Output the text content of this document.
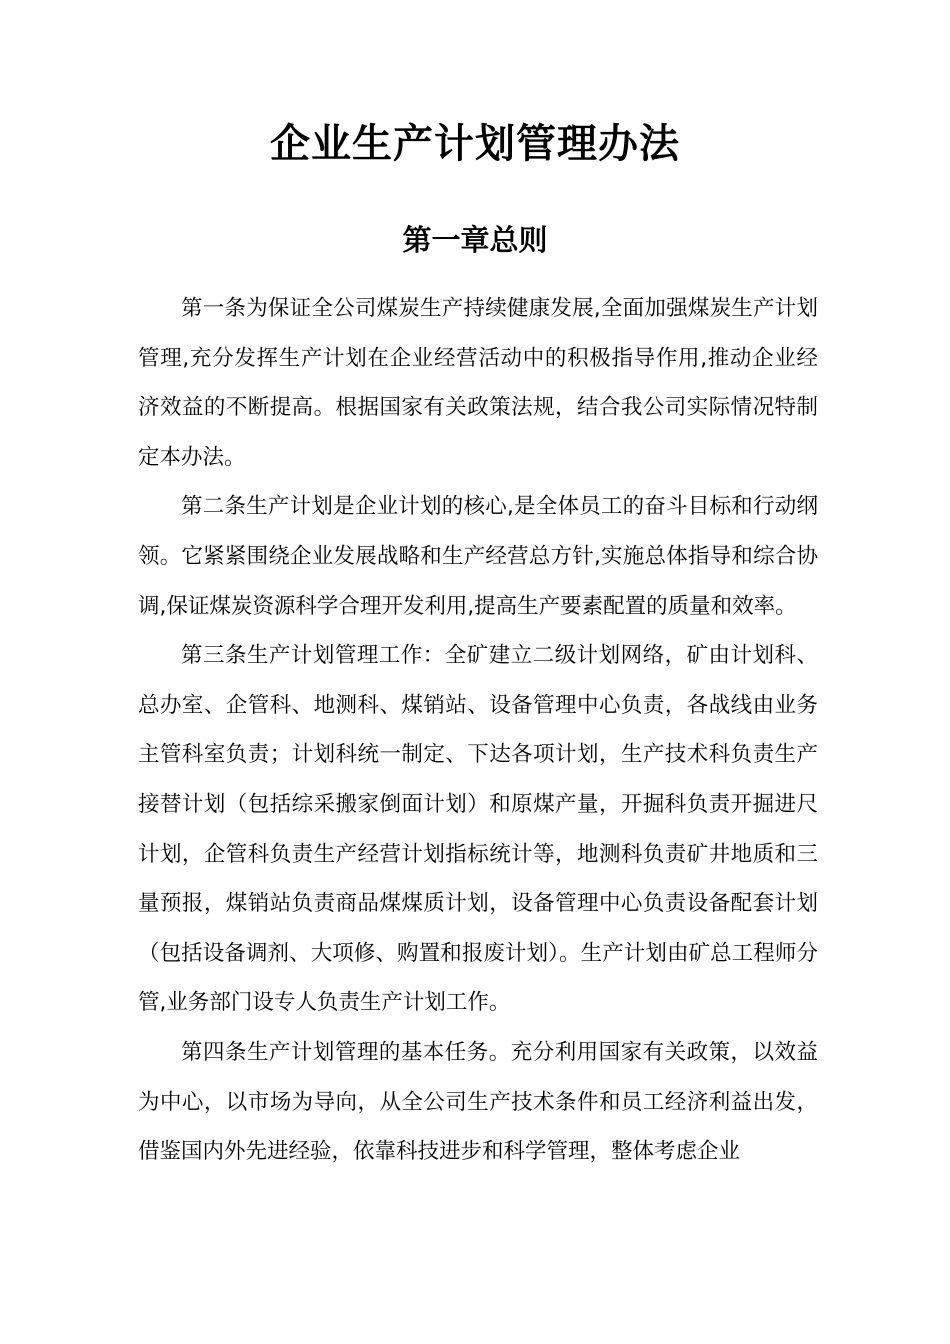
企业生产计划管理办法
第一章总则

第一条为保证全公司煤炭生产持续健康发展,全面加强煤炭生产计划管理,充分发挥生产计划在企业经营活动中的积极指导作用,推动企业经济效益的不断提高。根据国家有关政策法规，结合我公司实际情况特制定本办法。

第二条生产计划是企业计划的核心,是全体员工的奋斗目标和行动纲领。它紧紧围绕企业发展战略和生产经营总方针,实施总体指导和综合协调,保证煤炭资源科学合理开发利用,提高生产要素配置的质量和效率。

第三条生产计划管理工作：全矿建立二级计划网络，矿由计划科、总办室、企管科、地测科、煤销站、设备管理中心负责，各战线由业务主管科室负责；计划科统一制定、下达各项计划，生产技术科负责生产接替计划（包括综采搬家倒面计划）和原煤产量，开掘科负责开掘进尺计划，企管科负责生产经营计划指标统计等，地测科负责矿井地质和三量预报，煤销站负责商品煤煤质计划，设备管理中心负责设备配套计划（包括设备调剂、大项修、购置和报废计划）。生产计划由矿总工程师分管,业务部门设专人负责生产计划工作。

第四条生产计划管理的基本任务。充分利用国家有关政策，以效益为中心，以市场为导向，从全公司生产技术条件和员工经济利益出发，借鉴国内外先进经验，依靠科技进步和科学管理，整体考虑企业
